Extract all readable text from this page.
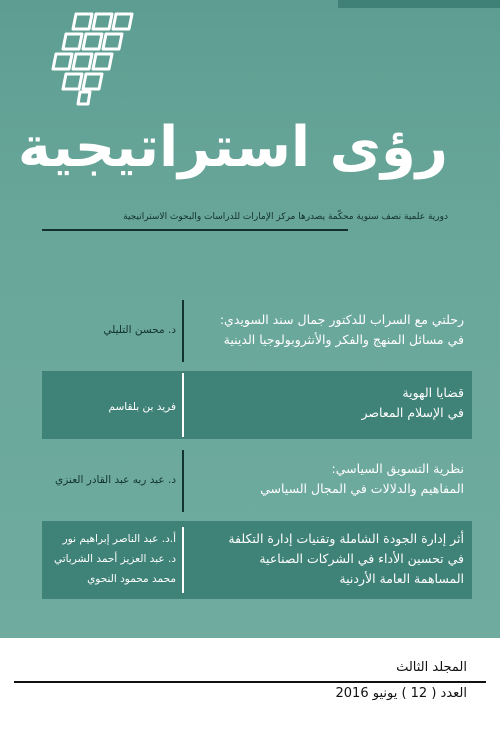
رؤى استراتيجية
دورية علمية نصف سنوية محكّمة يصدرها مركز الإمارات للدراسات والبحوث الاستراتيجية
رحلتي مع السراب للدكتور جمال سند السويدي:
في مسائل المنهج والفكر والأنثروبولوجيا الدينية
د. محسن التليلي
قضايا الهوية
في الإسلام المعاصر
فريد بن بلقاسم
نظرية التسويق السياسي:
المفاهيم والدلالات في المجال السياسي
د. عبد ربه عبد القادر العنزي
أثر إدارة الجودة الشاملة وتقنيات إدارة التكلفة
في تحسين الأداء في الشركات الصناعية
المساهمة العامة الأردنية
أ.د. عبد الناصر إبراهيم نور
د. عبد العزيز أحمد الشرباتي
محمد محمود النحوي
المجلد الثالث
العدد ( 12 ) يونيو 2016
